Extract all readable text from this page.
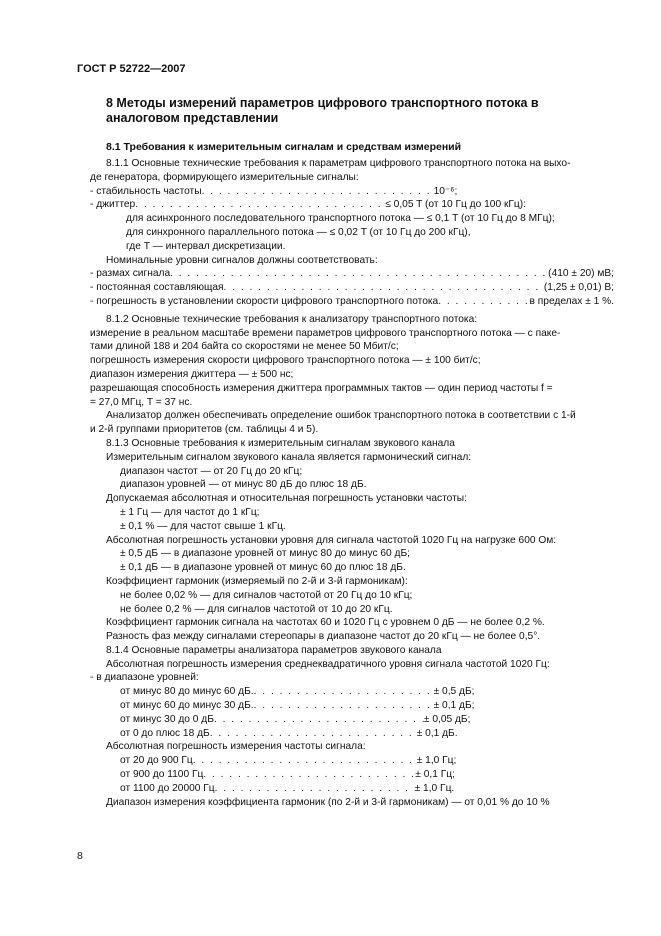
ГОСТ Р 52722—2007
8 Методы измерений параметров цифрового транспортного потока в аналоговом представлении
8.1 Требования к измерительным сигналам и средствам измерений
8.1.1 Основные технические требования к параметрам цифрового транспортного потока на выхо-
де генератора, формирующего измерительные сигналы:
- стабильность частоты . . .	10⁻⁶;
- джиттер . . .	≤ 0,05 T (от 10 Гц до 100 кГц):
для асинхронного последовательного транспортного потока — ≤ 0,1 T (от 10 Гц до 8 МГц);
для синхронного параллельного потока — ≤ 0,02 T (от 10 Гц до 200 кГц),
где T — интервал дискретизации.
Номинальные уровни сигналов должны соответствовать:
- размах сигнала . . .	(410 ± 20) мВ;
- постоянная составляющая . . .	(1,25 ± 0,01) В;
- погрешность в установлении скорости цифрового транспортного потока . . .	в пределах ± 1 %.
8.1.2 Основные технические требования к анализатору транспортного потока:
измерение в реальном масштабе времени параметров цифрового транспортного потока — с паке-
тами длиной 188 и 204 байта со скоростями не менее 50 Мбит/с;
погрешность измерения скорости цифрового транспортного потока — ± 100 бит/с;
диапазон измерения джиттера — ± 500 нс;
разрешающая способность измерения джиттера программных тактов — один период частоты f =
= 27,0 МГц, T = 37 нс.
Анализатор должен обеспечивать определение ошибок транспортного потока в соответствии с 1-й
и 2-й группами приоритетов (см. таблицы 4 и 5).
8.1.3 Основные требования к измерительным сигналам звукового канала
Измерительным сигналом звукового канала является гармонический сигнал:
диапазон частот — от 20 Гц до 20 кГц;
диапазон уровней — от минус 80 дБ до плюс 18 дБ.
Допускаемая абсолютная и относительная погрешность установки частоты:
± 1 Гц — для частот до 1 кГц;
± 0,1 % — для частот свыше 1 кГц.
Абсолютная погрешность установки уровня для сигнала частотой 1020 Гц на нагрузке 600 Ом:
± 0,5 дБ — в диапазоне уровней от минус 80 до минус 60 дБ;
± 0,1 дБ — в диапазоне уровней от минус 60 до плюс 18 дБ.
Коэффициент гармоник (измеряемый по 2-й и 3-й гармоникам):
не более 0,02 % — для сигналов частотой от 20 Гц до 10 кГц;
не более 0,2 % — для сигналов частотой от 10 до 20 кГц.
Коэффициент гармоник сигнала на частотах 60 и 1020 Гц с уровнем 0 дБ — не более 0,2 %.
Разность фаз между сигналами стереопары в диапазоне частот до 20 кГц — не более 0,5°.
8.1.4 Основные параметры анализатора параметров звукового канала
Абсолютная погрешность измерения среднеквадратичного уровня сигнала частотой 1020 Гц:
- в диапазоне уровней:
от минус 80 до минус 60 дБ. . . .	± 0,5 дБ;
от минус 60 до минус 30 дБ. . . .	± 0,1 дБ;
от минус 30 до 0 дБ . . .	± 0,05 дБ;
от 0 до плюс 18 дБ . . .	± 0,1 дБ.
Абсолютная погрешность измерения частоты сигнала:
от 20 до 900 Гц . . .	± 1,0 Гц;
от 900 до 1100 Гц . . .	± 0,1 Гц;
от 1100 до 20000 Гц . . .	± 1,0 Гц.
Диапазон измерения коэффициента гармоник (по 2-й и 3-й гармоникам) — от 0,01 % до 10 %
8
